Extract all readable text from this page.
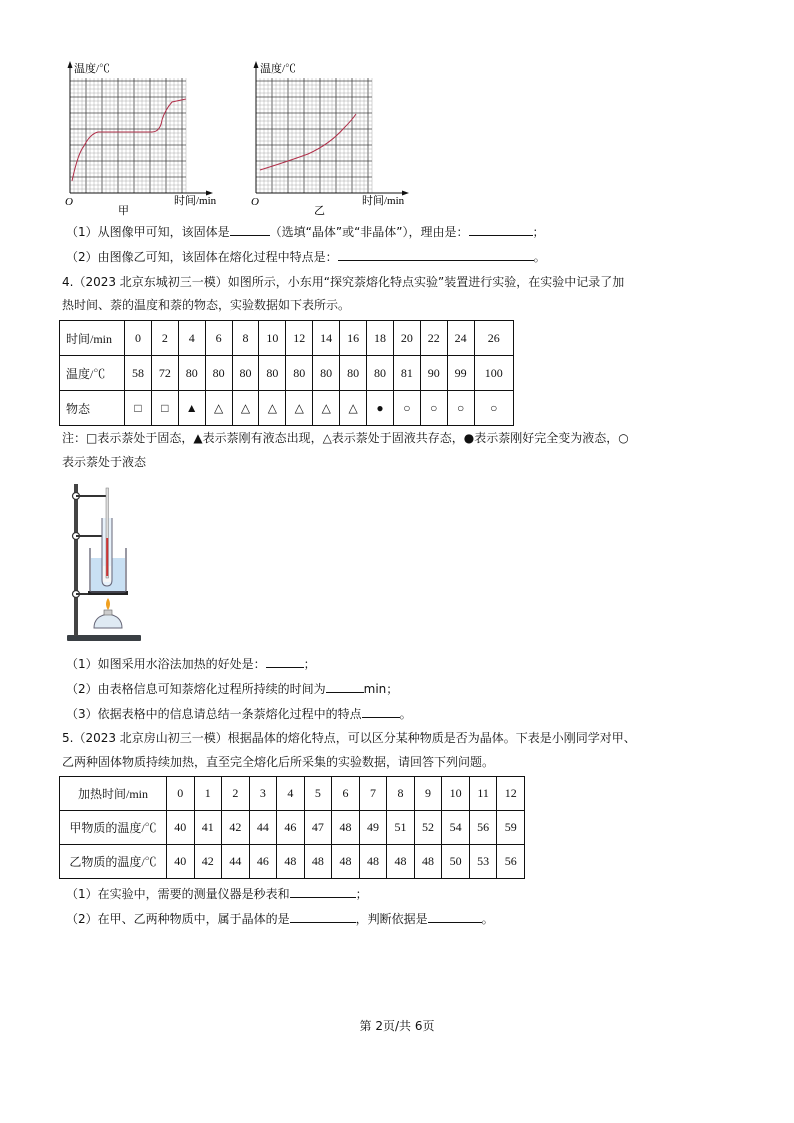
温度/℃
O	时间/min
甲
温度/℃
O	时间/min
乙
（1）从图像甲可知，该固体是	（选填“晶体”或“非晶体”），理由是：	；
（2）由图像乙可知，该固体在熔化过程中特点是：	。
4.（2023 北京东城初三一模）如图所示，小东用“探究萘熔化特点实验”装置进行实验，在实验中记录了加
热时间、萘的温度和萘的物态，实验数据如下表所示。
时间/min	0	2	4	6	8	10	12	14	16	18	20	22	24	26
温度/℃	58	72	80	80	80	80	80	80	80	80	81	90	99	100
物态	□	□	▲	△	△	△	△	△	△	●	○	○	○	○
注：□表示萘处于固态，▲表示萘刚有液态出现，△表示萘处于固液共存态，●表示萘刚好完全变为液态，○
表示萘处于液态
（1）如图采用水浴法加热的好处是：	；
（2）由表格信息可知萘熔化过程所持续的时间为	min；
（3）依据表格中的信息请总结一条萘熔化过程中的特点	。
5.（2023 北京房山初三一模）根据晶体的熔化特点，可以区分某种物质是否为晶体。下表是小刚同学对甲、
乙两种固体物质持续加热，直至完全熔化后所采集的实验数据，请回答下列问题。
加热时间/min	0	1	2	3	4	5	6	7	8	9	10	11	12
甲物质的温度/℃	40	41	42	44	46	47	48	49	51	52	54	56	59
乙物质的温度/℃	40	42	44	46	48	48	48	48	48	48	50	53	56
（1）在实验中，需要的测量仪器是秒表和	；
（2）在甲、乙两种物质中，属于晶体的是	，判断依据是	。
第 2页/共 6页
